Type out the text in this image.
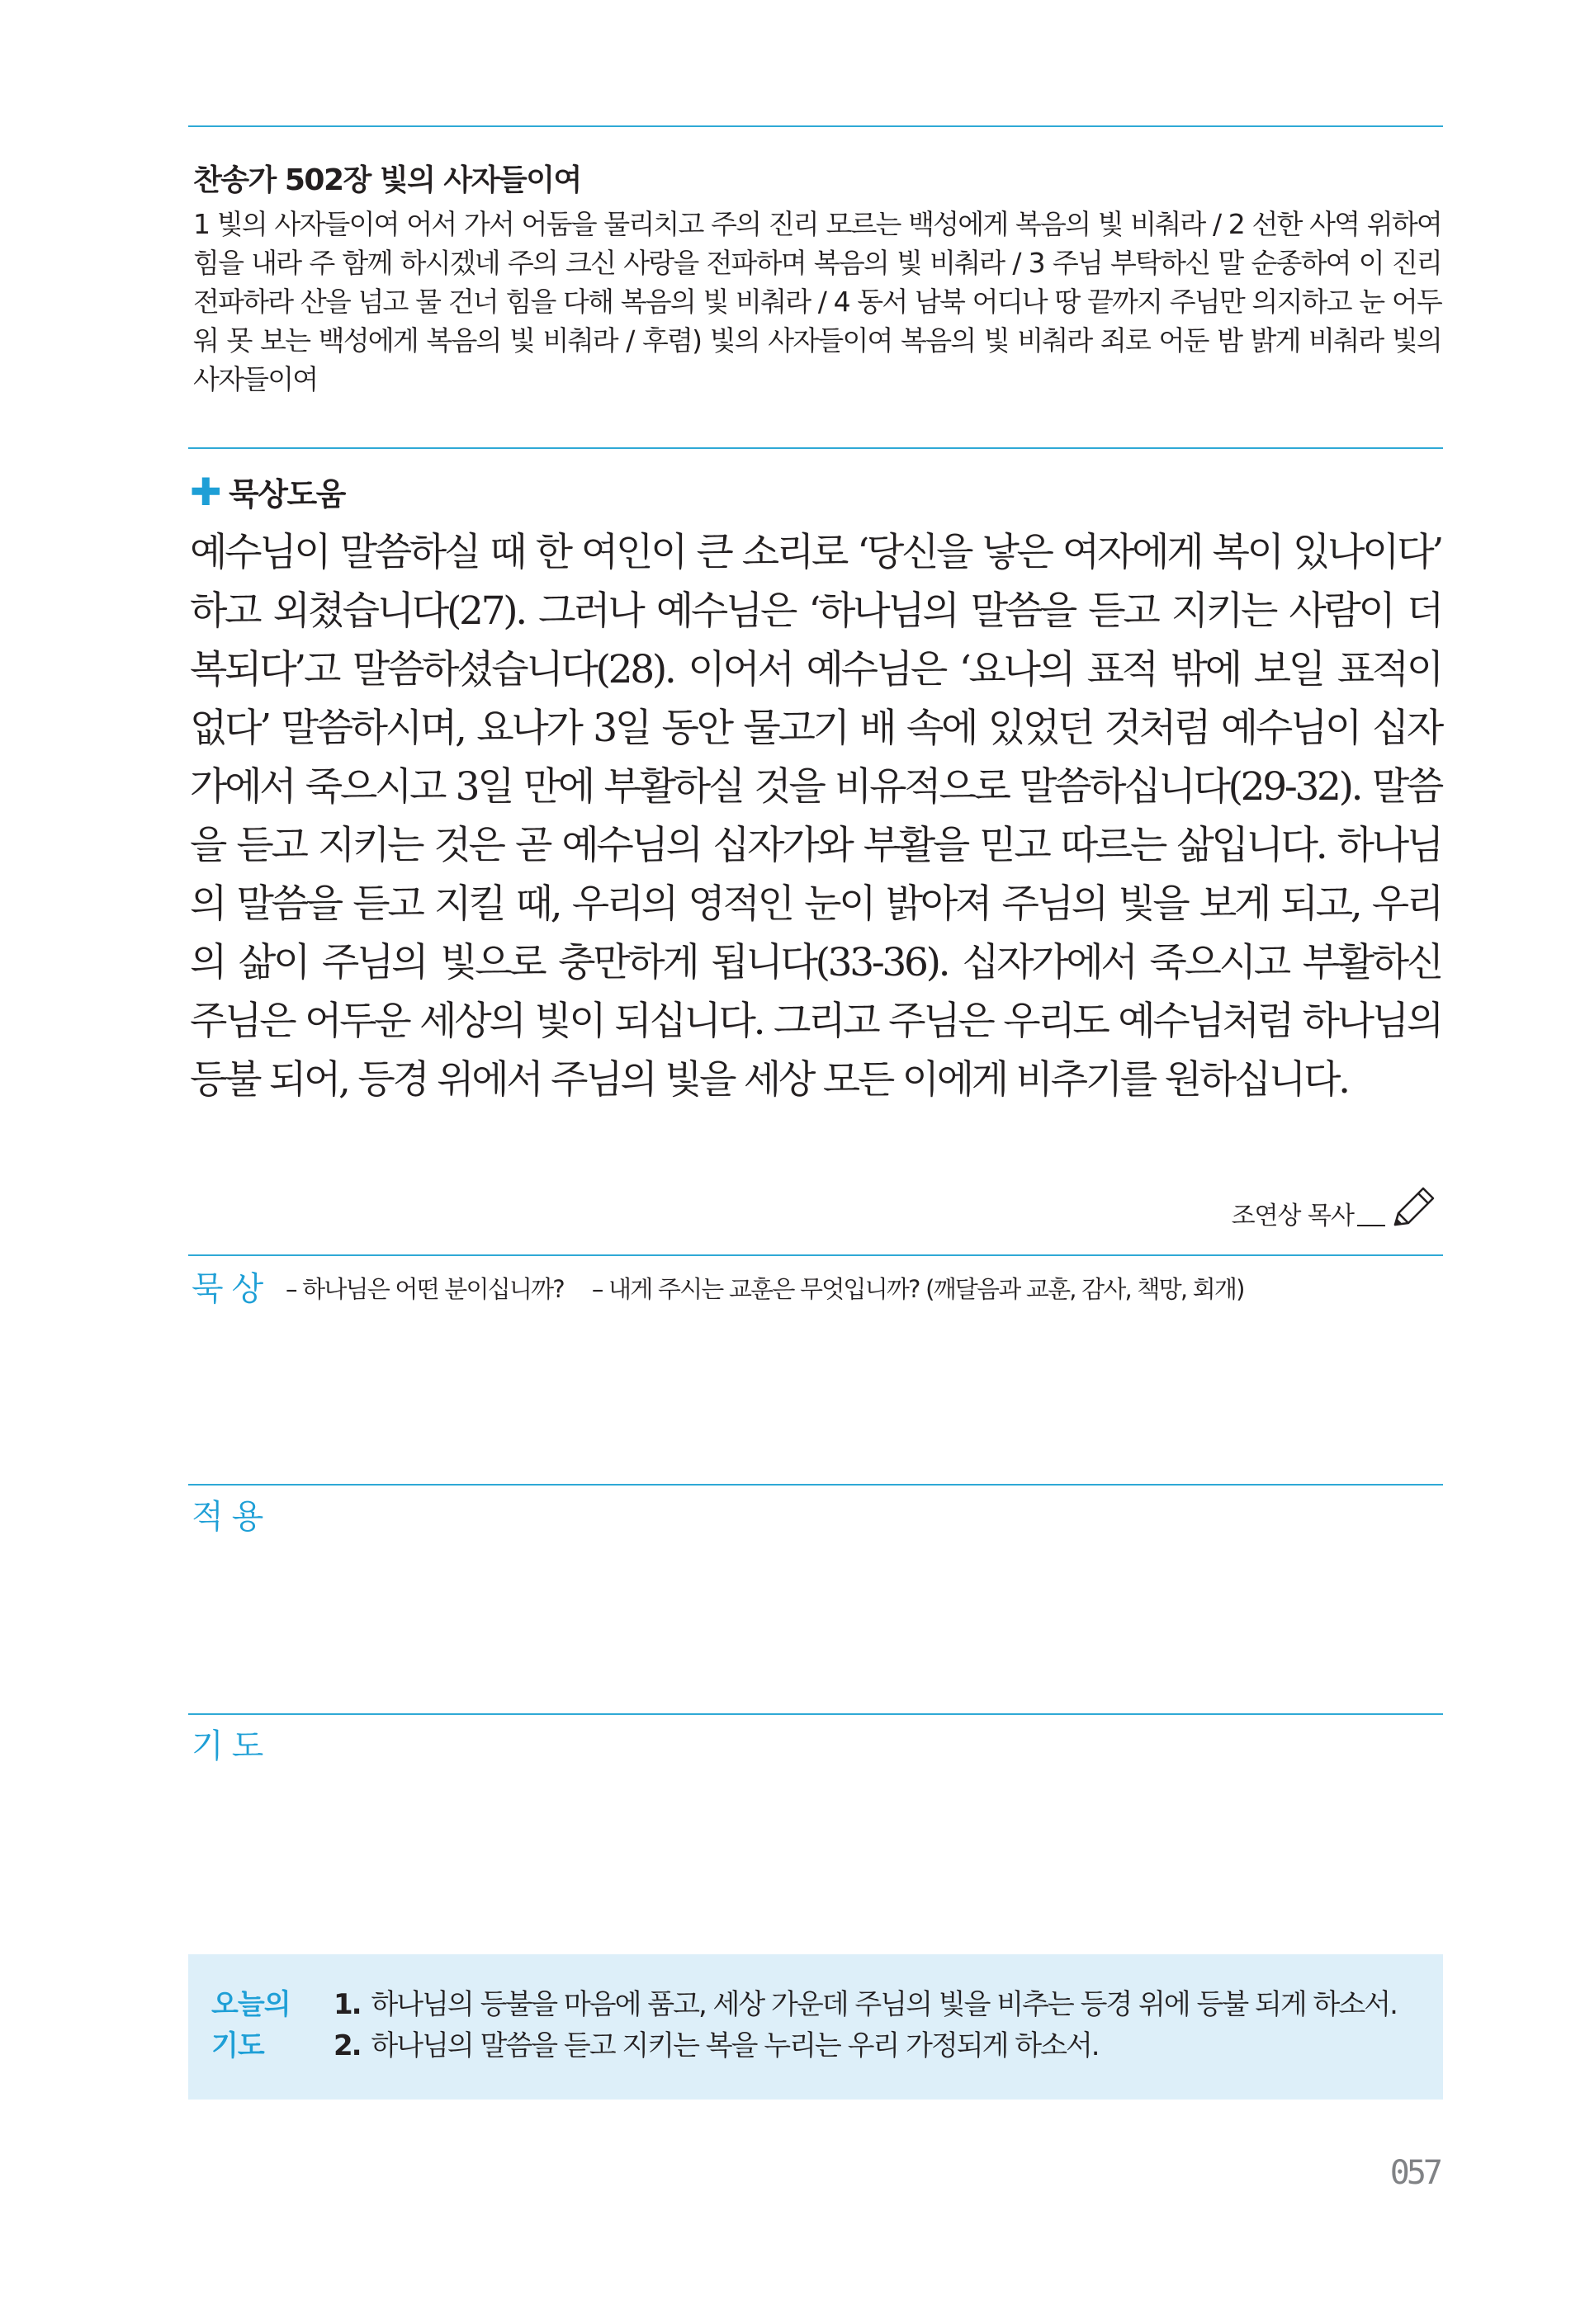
찬송가 502장 빛의 사자들이여

1 빛의 사자들이여 어서 가서 어둠을 물리치고 주의 진리 모르는 백성에게 복음의 빛 비춰라 / 2 선한 사역 위하여 힘을 내라 주 함께 하시겠네 주의 크신 사랑을 전파하며 복음의 빛 비춰라 / 3 주님 부탁하신 말 순종하여 이 진리 전파하라 산을 넘고 물 건너 힘을 다해 복음의 빛 비춰라 / 4 동서 남북 어디나 땅 끝까지 주님만 의지하고 눈 어두워 못 보는 백성에게 복음의 빛 비춰라 / 후렴) 빛의 사자들이여 복음의 빛 비춰라 죄로 어둔 밤 밝게 비춰라 빛의 사자들이여

✚ 묵상도움

예수님이 말씀하실 때 한 여인이 큰 소리로 ‘당신을 낳은 여자에게 복이 있나이다’ 하고 외쳤습니다(27). 그러나 예수님은 ‘하나님의 말씀을 듣고 지키는 사람이 더 복되다’고 말씀하셨습니다(28). 이어서 예수님은 ‘요나의 표적 밖에 보일 표적이 없다’ 말씀하시며, 요나가 3일 동안 물고기 배 속에 있었던 것처럼 예수님이 십자가에서 죽으시고 3일 만에 부활하실 것을 비유적으로 말씀하십니다(29-32). 말씀을 듣고 지키는 것은 곧 예수님의 십자가와 부활을 믿고 따르는 삶입니다. 하나님의 말씀을 듣고 지킬 때, 우리의 영적인 눈이 밝아져 주님의 빛을 보게 되고, 우리의 삶이 주님의 빛으로 충만하게 됩니다(33-36). 십자가에서 죽으시고 부활하신 주님은 어두운 세상의 빛이 되십니다. 그리고 주님은 우리도 예수님처럼 하나님의 등불 되어, 등경 위에서 주님의 빛을 세상 모든 이에게 비추기를 원하십니다.

조연상 목사
묵상 – 하나님은 어떤 분이십니까? – 내게 주시는 교훈은 무엇입니까? (깨달음과 교훈, 감사, 책망, 회개)
적용
기도
오늘의
기도
1. 하나님의 등불을 마음에 품고, 세상 가운데 주님의 빛을 비추는 등경 위에 등불 되게 하소서.
2. 하나님의 말씀을 듣고 지키는 복을 누리는 우리 가정되게 하소서.
057
